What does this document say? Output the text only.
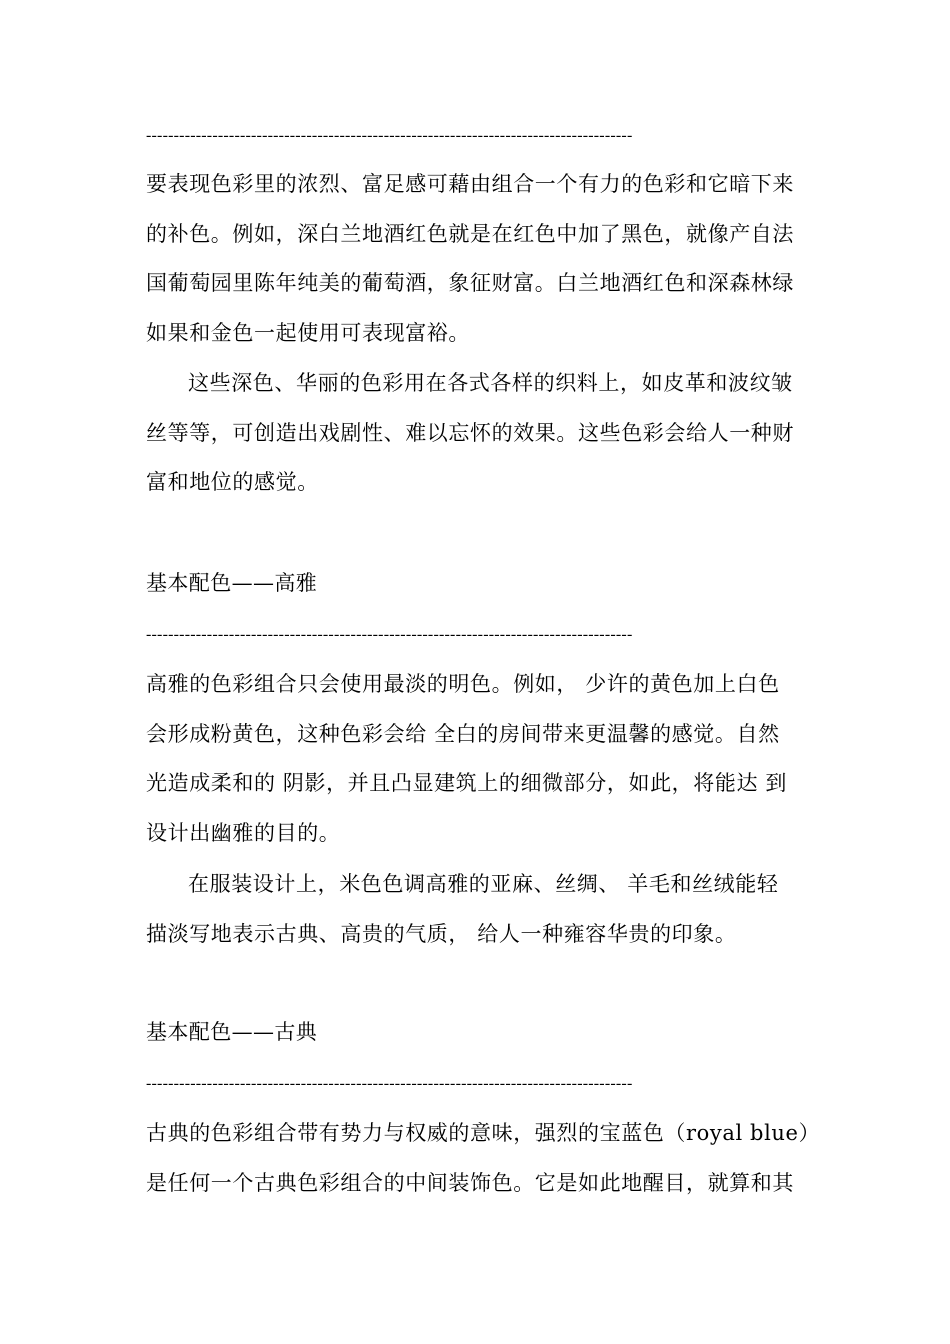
----------------------------------------------------------------------------------------
要表现色彩里的浓烈、富足感可藉由组合一个有力的色彩和它暗下来
的补色。例如，深白兰地酒红色就是在红色中加了黑色，就像产自法
国葡萄园里陈年纯美的葡萄酒，象征财富。白兰地酒红色和深森林绿
如果和金色一起使用可表现富裕。
这些深色、华丽的色彩用在各式各样的织料上，如皮革和波纹皱
丝等等，可创造出戏剧性、难以忘怀的效果。这些色彩会给人一种财
富和地位的感觉。
基本配色——高雅
----------------------------------------------------------------------------------------
高雅的色彩组合只会使用最淡的明色。例如， 少许的黄色加上白色
会形成粉黄色，这种色彩会给 全白的房间带来更温馨的感觉。自然
光造成柔和的 阴影，并且凸显建筑上的细微部分，如此，将能达 到
设计出幽雅的目的。
在服装设计上，米色色调高雅的亚麻、丝绸、 羊毛和丝绒能轻
描淡写地表示古典、高贵的气质， 给人一种雍容华贵的印象。
基本配色——古典
----------------------------------------------------------------------------------------
古典的色彩组合带有势力与权威的意味，强烈的宝蓝色（royal blue）
是任何一个古典色彩组合的中间装饰色。它是如此地醒目，就算和其
